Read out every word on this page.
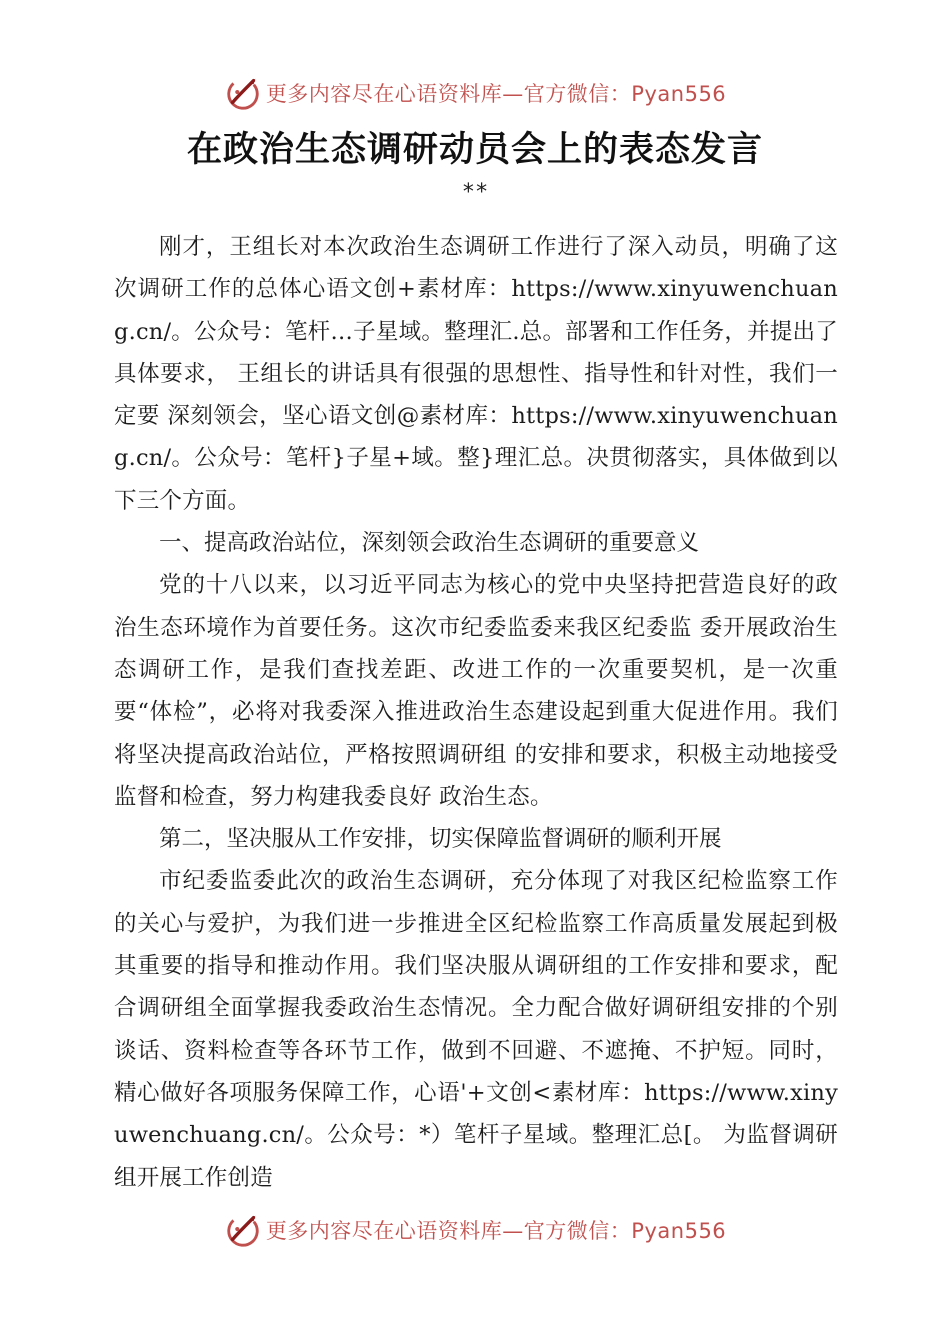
更多内容尽在心语资料库—官方微信：Pyan556
在政治生态调研动员会上的表态发言
**

刚才，王组长对本次政治生态调研工作进行了深入动员，明确了这次调研工作的总体心语文创+素材库：https://www.xinyuwenchuang.cn/。公众号：笔杆…子星域。整理汇.总。部署和工作任务，并提出了具体要求， 王组长的讲话具有很强的思想性、指导性和针对性，我们一定要 深刻领会，坚心语文创@素材库：https://www.xinyuwenchuang.cn/。公众号：笔杆}子星+域。整}理汇总。决贯彻落实，具体做到以下三个方面。

一、提高政治站位，深刻领会政治生态调研的重要意义

党的十八以来，以习近平同志为核心的党中央坚持把营造良好的政治生态环境作为首要任务。这次市纪委监委来我区纪委监 委开展政治生态调研工作，是我们查找差距、改进工作的一次重要契机，是一次重要“体检”，必将对我委深入推进政治生态建设起到重大促进作用。我们将坚决提高政治站位，严格按照调研组 的安排和要求，积极主动地接受监督和检查，努力构建我委良好 政治生态。

第二，坚决服从工作安排，切实保障监督调研的顺利开展

市纪委监委此次的政治生态调研，充分体现了对我区纪检监察工作的关心与爱护，为我们进一步推进全区纪检监察工作高质量发展起到极其重要的指导和推动作用。我们坚决服从调研组的工作安排和要求，配合调研组全面掌握我委政治生态情况。全力配合做好调研组安排的个别谈话、资料检查等各环节工作，做到不回避、不遮掩、不护短。同时，精心做好各项服务保障工作，心语'+文创<素材库：https://www.xinyuwenchuang.cn/。公众号：*）笔杆子星域。整理汇总[。 为监督调研组开展工作创造

更多内容尽在心语资料库—官方微信：Pyan556
